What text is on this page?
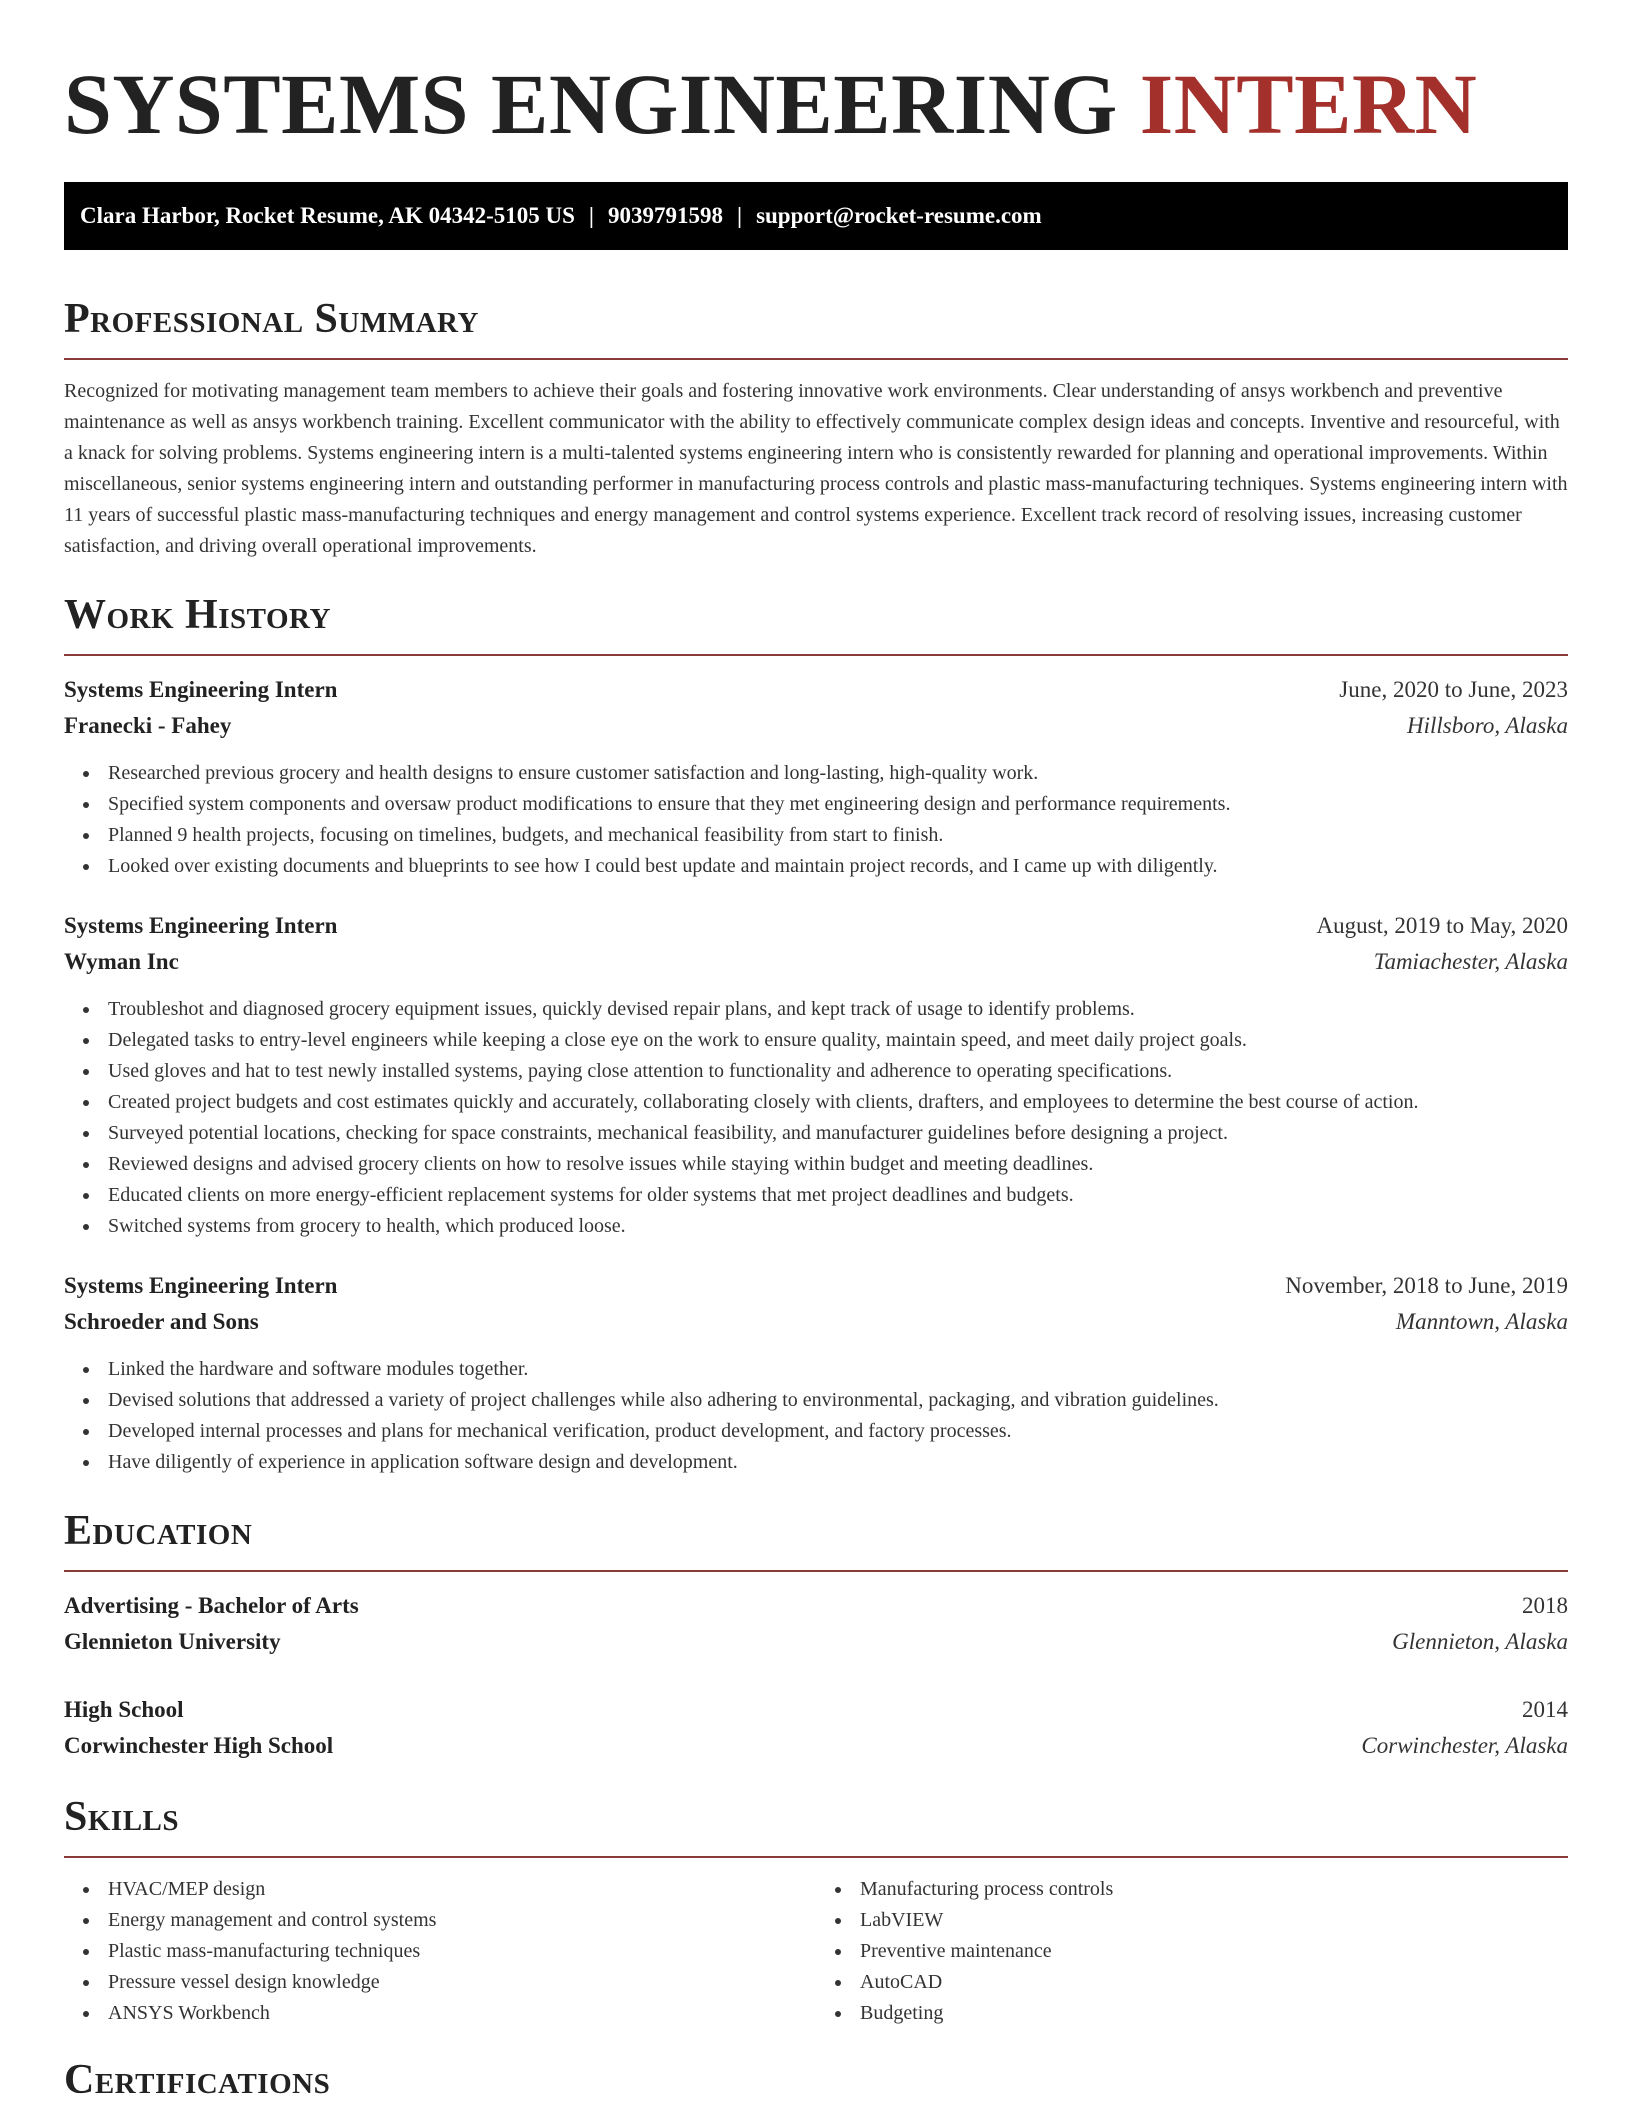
SYSTEMS ENGINEERING INTERN
Clara Harbor, Rocket Resume, AK 04342-5105 US | 9039791598 | support@rocket-resume.com
Professional Summary

Recognized for motivating management team members to achieve their goals and fostering innovative work environments. Clear understanding of ansys workbench and preventive maintenance as well as ansys workbench training. Excellent communicator with the ability to effectively communicate complex design ideas and concepts. Inventive and resourceful, with a knack for solving problems. Systems engineering intern is a multi-talented systems engineering intern who is consistently rewarded for planning and operational improvements. Within miscellaneous, senior systems engineering intern and outstanding performer in manufacturing process controls and plastic mass-manufacturing techniques. Systems engineering intern with 11 years of successful plastic mass-manufacturing techniques and energy management and control systems experience. Excellent track record of resolving issues, increasing customer satisfaction, and driving overall operational improvements.

Work History
Systems Engineering Intern	June, 2020 to June, 2023
Franecki - Fahey	Hillsboro, Alaska
Researched previous grocery and health designs to ensure customer satisfaction and long-lasting, high-quality work.
Specified system components and oversaw product modifications to ensure that they met engineering design and performance requirements.
Planned 9 health projects, focusing on timelines, budgets, and mechanical feasibility from start to finish.
Looked over existing documents and blueprints to see how I could best update and maintain project records, and I came up with diligently.
Systems Engineering Intern	August, 2019 to May, 2020
Wyman Inc	Tamiachester, Alaska
Troubleshot and diagnosed grocery equipment issues, quickly devised repair plans, and kept track of usage to identify problems.
Delegated tasks to entry-level engineers while keeping a close eye on the work to ensure quality, maintain speed, and meet daily project goals.
Used gloves and hat to test newly installed systems, paying close attention to functionality and adherence to operating specifications.
Created project budgets and cost estimates quickly and accurately, collaborating closely with clients, drafters, and employees to determine the best course of action.
Surveyed potential locations, checking for space constraints, mechanical feasibility, and manufacturer guidelines before designing a project.
Reviewed designs and advised grocery clients on how to resolve issues while staying within budget and meeting deadlines.
Educated clients on more energy-efficient replacement systems for older systems that met project deadlines and budgets.
Switched systems from grocery to health, which produced loose.
Systems Engineering Intern	November, 2018 to June, 2019
Schroeder and Sons	Manntown, Alaska
Linked the hardware and software modules together.
Devised solutions that addressed a variety of project challenges while also adhering to environmental, packaging, and vibration guidelines.
Developed internal processes and plans for mechanical verification, product development, and factory processes.
Have diligently of experience in application software design and development.
Education
Advertising - Bachelor of Arts	2018
Glennieton University	Glennieton, Alaska
High School	2014
Corwinchester High School	Corwinchester, Alaska
Skills
HVAC/MEP design
Energy management and control systems
Plastic mass-manufacturing techniques
Pressure vessel design knowledge
ANSYS Workbench
Manufacturing process controls
LabVIEW
Preventive maintenance
AutoCAD
Budgeting
Certifications
